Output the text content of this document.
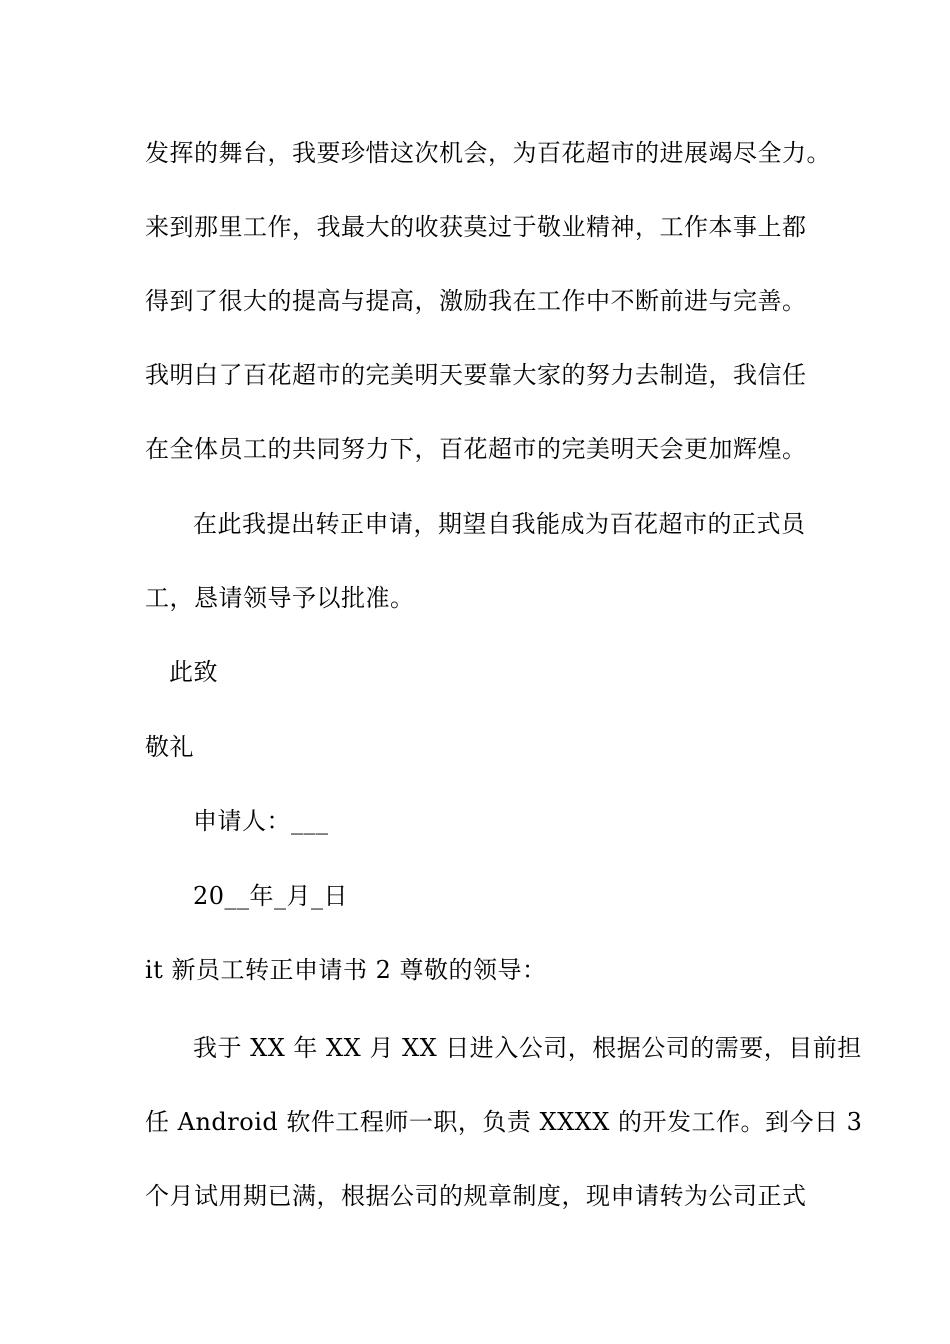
发挥的舞台，我要珍惜这次机会，为百花超市的进展竭尽全力。
来到那里工作，我最大的收获莫过于敬业精神，工作本事上都
得到了很大的提高与提高，激励我在工作中不断前进与完善。
我明白了百花超市的完美明天要靠大家的努力去制造，我信任
在全体员工的共同努力下，百花超市的完美明天会更加辉煌。
在此我提出转正申请，期望自我能成为百花超市的正式员
工，恳请领导予以批准。
此致
敬礼
申请人：___
20__年_月_日
it 新员工转正申请书 2 尊敬的领导：
我于 XX 年 XX 月 XX 日进入公司，根据公司的需要，目前担
任 Android 软件工程师一职，负责 XXXX 的开发工作。到今日 3
个月试用期已满，根据公司的规章制度，现申请转为公司正式
